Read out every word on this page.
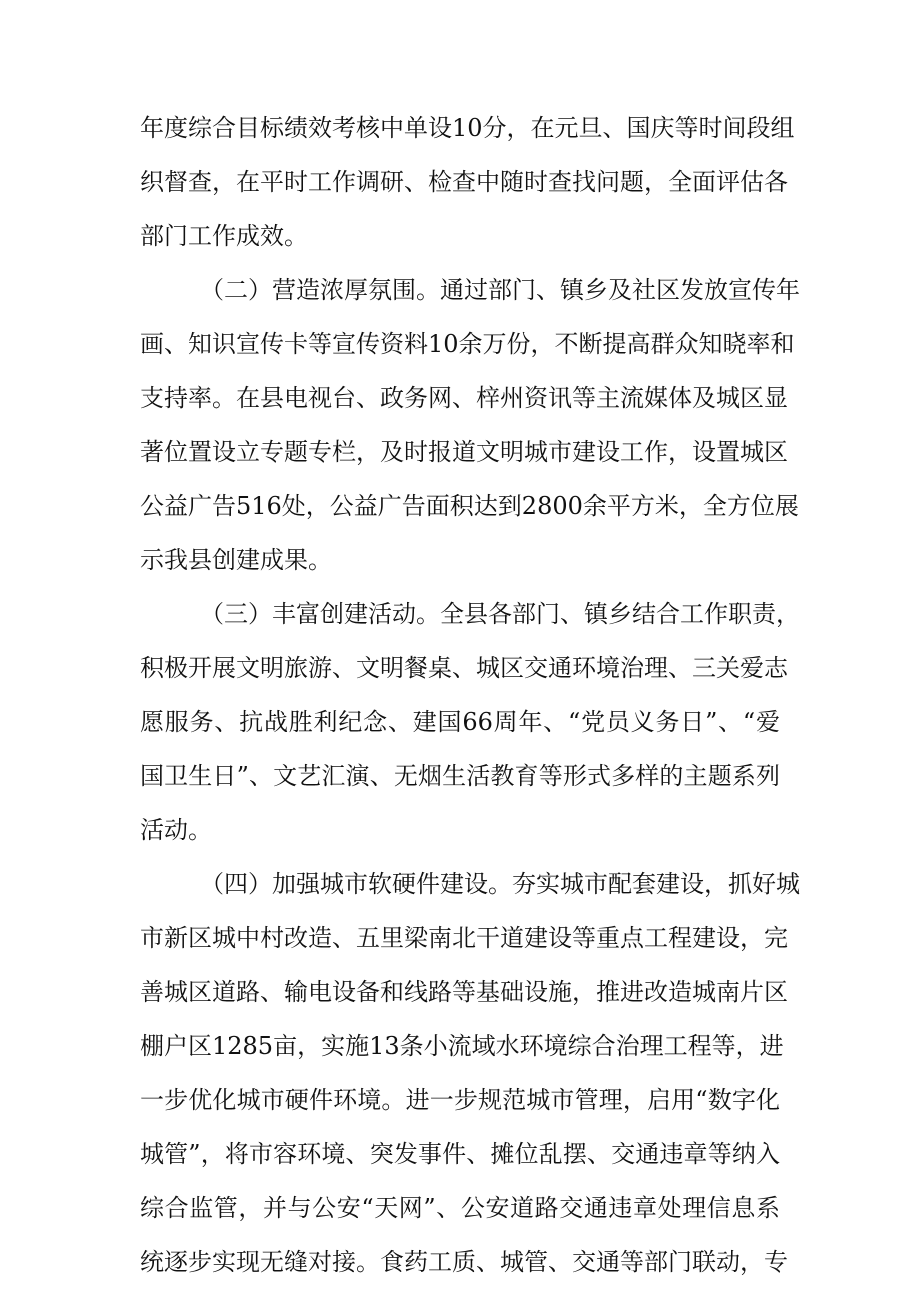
年度综合目标绩效考核中单设10分，在元旦、国庆等时间段组
织督查，在平时工作调研、检查中随时查找问题，全面评估各
部门工作成效。
（二）营造浓厚氛围。通过部门、镇乡及社区发放宣传年
画、知识宣传卡等宣传资料10余万份，不断提高群众知晓率和
支持率。在县电视台、政务网、梓州资讯等主流媒体及城区显
著位置设立专题专栏，及时报道文明城市建设工作，设置城区
公益广告516处，公益广告面积达到2800余平方米，全方位展
示我县创建成果。
（三）丰富创建活动。全县各部门、镇乡结合工作职责，
积极开展文明旅游、文明餐桌、城区交通环境治理、三关爱志
愿服务、抗战胜利纪念、建国66周年、“党员义务日”、“爱
国卫生日”、文艺汇演、无烟生活教育等形式多样的主题系列
活动。
（四）加强城市软硬件建设。夯实城市配套建设，抓好城
市新区城中村改造、五里梁南北干道建设等重点工程建设，完
善城区道路、输电设备和线路等基础设施，推进改造城南片区
棚户区1285亩，实施13条小流域水环境综合治理工程等，进
一步优化城市硬件环境。进一步规范城市管理，启用“数字化
城管”，将市容环境、突发事件、摊位乱摆、交通违章等纳入
综合监管，并与公安“天网”、公安道路交通违章处理信息系
统逐步实现无缝对接。食药工质、城管、交通等部门联动，专
